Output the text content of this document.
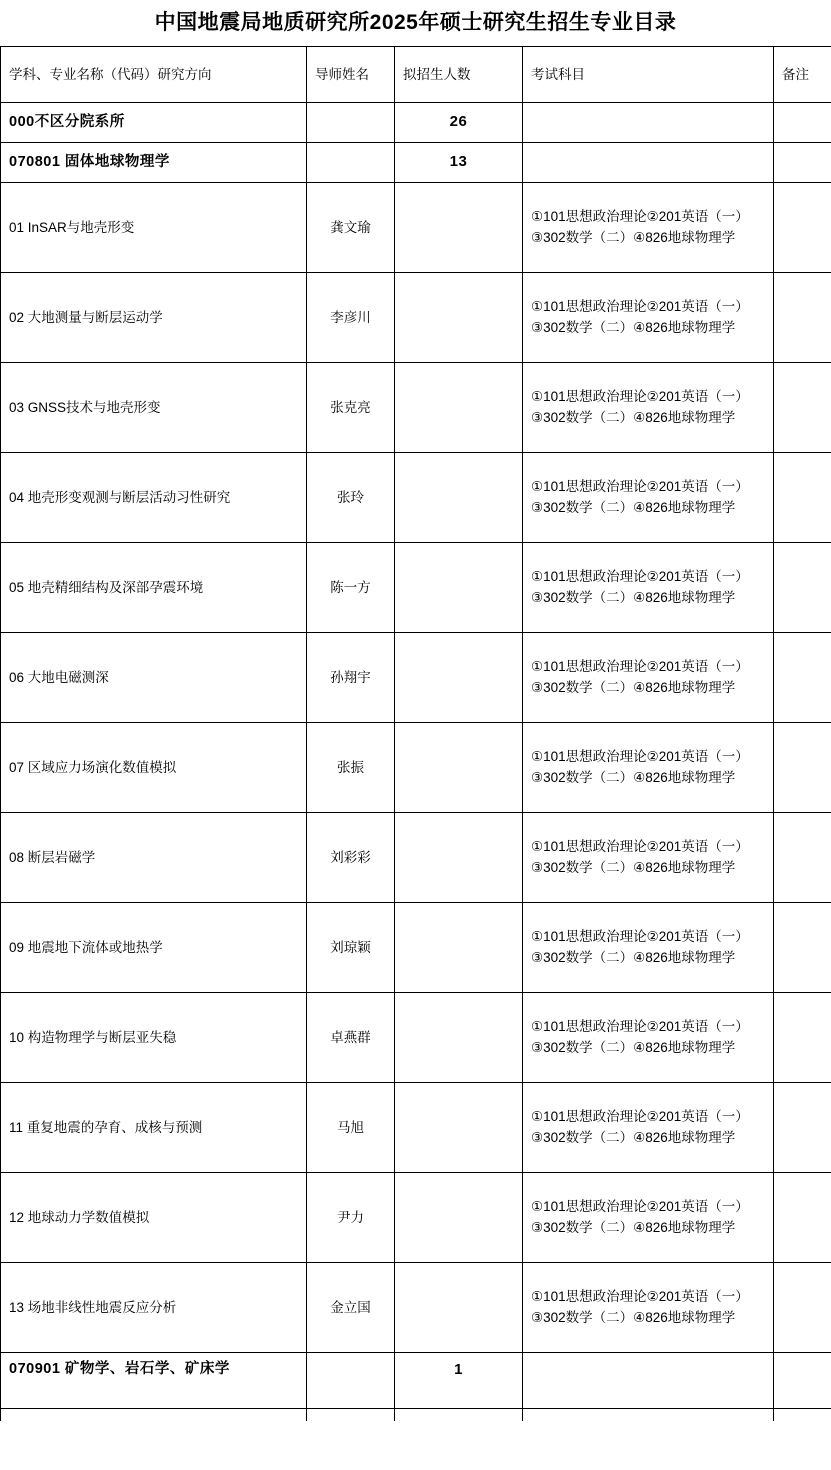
中国地震局地质研究所2025年硕士研究生招生专业目录
学科、专业名称（代码）研究方向	导师姓名	拟招生人数	考试科目	备注
000不区分院系所		26		
070801 固体地球物理学		13		
01 InSAR与地壳形变	龚文瑜		①101思想政治理论②201英语（一）③302数学（二）④826地球物理学	

02 大地测量与断层运动学	李彦川		①101思想政治理论②201英语（一）③302数学（二）④826地球物理学	

03 GNSS技术与地壳形变	张克亮		①101思想政治理论②201英语（一）③302数学（二）④826地球物理学	

04 地壳形变观测与断层活动习性研究	张玲		①101思想政治理论②201英语（一）③302数学（二）④826地球物理学	

05 地壳精细结构及深部孕震环境	陈一方		①101思想政治理论②201英语（一）③302数学（二）④826地球物理学	

06 大地电磁测深	孙翔宇		①101思想政治理论②201英语（一）③302数学（二）④826地球物理学	

07 区域应力场演化数值模拟	张振		①101思想政治理论②201英语（一）③302数学（二）④826地球物理学	

08 断层岩磁学	刘彩彩		①101思想政治理论②201英语（一）③302数学（二）④826地球物理学	

09 地震地下流体或地热学	刘琼颖		①101思想政治理论②201英语（一）③302数学（二）④826地球物理学	

10 构造物理学与断层亚失稳	卓燕群		①101思想政治理论②201英语（一）③302数学（二）④826地球物理学	

11 重复地震的孕育、成核与预测	马旭		①101思想政治理论②201英语（一）③302数学（二）④826地球物理学	

12 地球动力学数值模拟	尹力		①101思想政治理论②201英语（一）③302数学（二）④826地球物理学	

13 场地非线性地震反应分析	金立国		①101思想政治理论②201英语（一）③302数学（二）④826地球物理学	

070901 矿物学、岩石学、矿床学		1		
